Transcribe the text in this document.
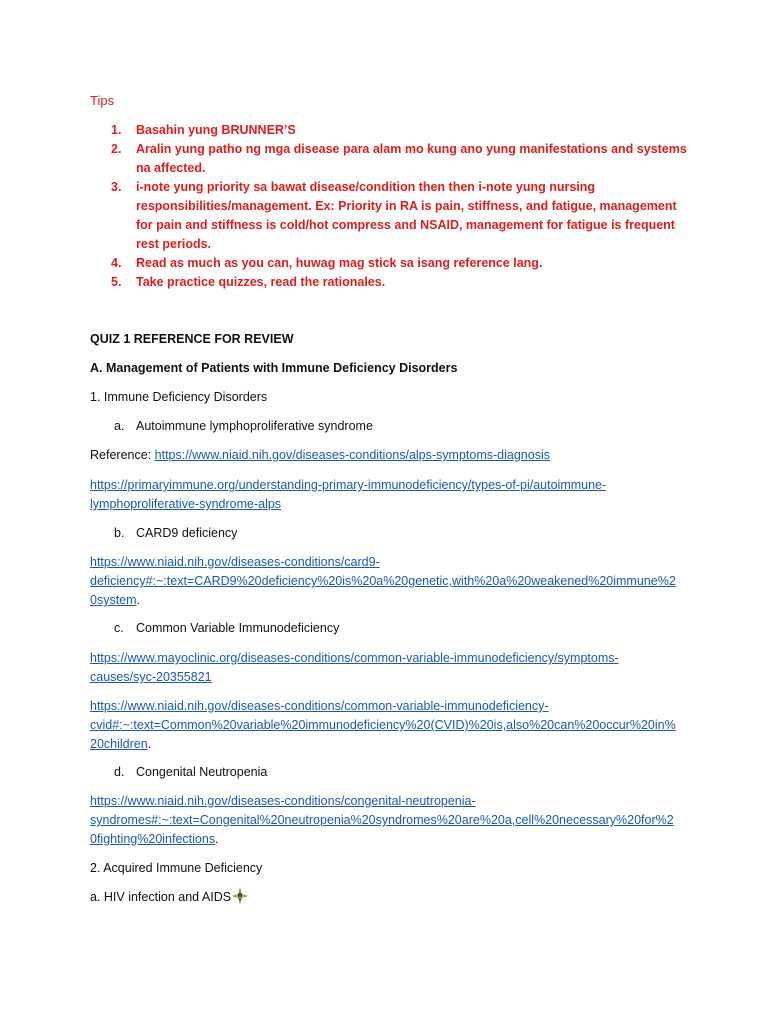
Tips
1. Basahin yung BRUNNER’S
2. Aralin yung patho ng mga disease para alam mo kung ano yung manifestations and systems na affected.
3. i-note yung priority sa bawat disease/condition then then i-note yung nursing responsibilities/management. Ex: Priority in RA is pain, stiffness, and fatigue, management for pain and stiffness is cold/hot compress and NSAID, management for fatigue is frequent rest periods.
4. Read as much as you can, huwag mag stick sa isang reference lang.
5. Take practice quizzes, read the rationales.
QUIZ 1 REFERENCE FOR REVIEW
A. Management of Patients with Immune Deficiency Disorders
1. Immune Deficiency Disorders
a. Autoimmune lymphoproliferative syndrome
Reference: https://www.niaid.nih.gov/diseases-conditions/alps-symptoms-diagnosis
https://primaryimmune.org/understanding-primary-immunodeficiency/types-of-pi/autoimmune-
lymphoproliferative-syndrome-alps
b. CARD9 deficiency
https://www.niaid.nih.gov/diseases-conditions/card9-
deficiency#:~:text=CARD9%20deficiency%20is%20a%20genetic,with%20a%20weakened%20immune%2
0system.
c. Common Variable Immunodeficiency
https://www.mayoclinic.org/diseases-conditions/common-variable-immunodeficiency/symptoms-
causes/syc-20355821
https://www.niaid.nih.gov/diseases-conditions/common-variable-immunodeficiency-
cvid#:~:text=Common%20variable%20immunodeficiency%20(CVID)%20is,also%20can%20occur%20in%
20children.
d. Congenital Neutropenia
https://www.niaid.nih.gov/diseases-conditions/congenital-neutropenia-
syndromes#:~:text=Congenital%20neutropenia%20syndromes%20are%20a,cell%20necessary%20for%2
0fighting%20infections.
2. Acquired Immune Deficiency
a. HIV infection and AIDS
